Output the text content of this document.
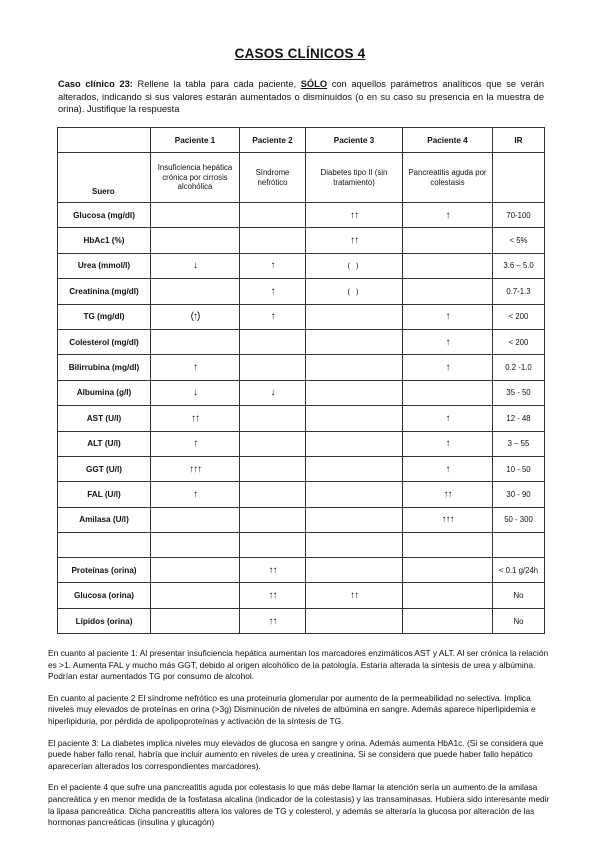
CASOS CLÍNICOS 4

Caso clínico 23: Rellene la tabla para cada paciente, SÓLO con aquellos parámetros analíticos que se verán alterados, indicando si sus valores estarán aumentados o disminuidos (o en su caso su presencia en la muestra de orina). Justifique la respuesta

	Paciente 1	Paciente 2	Paciente 3	Paciente 4	IR
Suero	Insuficiencia hepática crónica por cirrosis alcohólica	Síndrome nefrótico	Diabetes tipo II (sin tratamiento)	Pancreatitis aguda por colestasis	
Glucosa (mg/dl)			↑↑	↑	70-100
HbAc1 (%)			↑↑		< 5%
Urea (mmol/l)	↓	↑	( )		3.6 – 5.0
Creatinina (mg/dl)		↑	( )		0.7-1.3
TG (mg/dl)	(↑)	↑		↑	< 200
Colesterol (mg/dl)				↑	< 200
Bilirrubina (mg/dl)	↑			↑	0.2 -1.0
Albumina (g/l)	↓	↓			35 - 50
AST (U/l)	↑↑			↑	12 - 48
ALT (U/l)	↑			↑	3 – 55
GGT (U/l)	↑↑↑			↑	10 - 50
FAL (U/l)	↑			↑↑	30 - 90
Amilasa (U/l)				↑↑↑	50 - 300

Proteínas (orina)		↑↑			< 0.1 g/24h
Glucosa (orina)		↑↑	↑↑		No
Lípidos (orina)		↑↑			No

En cuanto al paciente 1: Al presentar insuficiencia hepática aumentan los marcadores enzimáticos AST y ALT. Al ser crónica la relación es >1. Aumenta FAL y mucho más GGT, debido al origen alcohólico de la patología. Estaría alterada la síntesis de urea y albúmina. Podrían estar aumentados TG por consumo de alcohol.

En cuanto al paciente 2 El síndrome nefrótico es una proteinuria glomerular por aumento de la permeabilidad no selectiva. Implica niveles muy elevados de proteínas en orina (>3g) Disminución de niveles de albúmina en sangre. Además aparece hiperlipidemia e hiperlipiduria, por pérdida de apolipoproteínas y activación de la síntesis de TG.

El paciente 3: La diabetes implica niveles muy elevados de glucosa en sangre y orina. Además aumenta HbA1c. (Si se considera que puede haber fallo renal, habría que incluir aumento en niveles de urea y creatinina. Si se considera que puede haber fallo hepático aparecerían alterados los correspondientes marcadores).

En el paciente 4 que sufre una pancreatitis aguda por colestasis lo que más debe llamar la atención sería un aumento de la amilasa pancreática y en menor medida de la fosfatasa alcalina (indicador de la colestasis) y las transaminasas. Hubiera sido interesante medir la lipasa pancreática. Dicha pancreatitis altera los valores de TG y colesterol, y además se alteraría la glucosa por alteración de las hormonas pancreáticas (insulina y glucagón)
